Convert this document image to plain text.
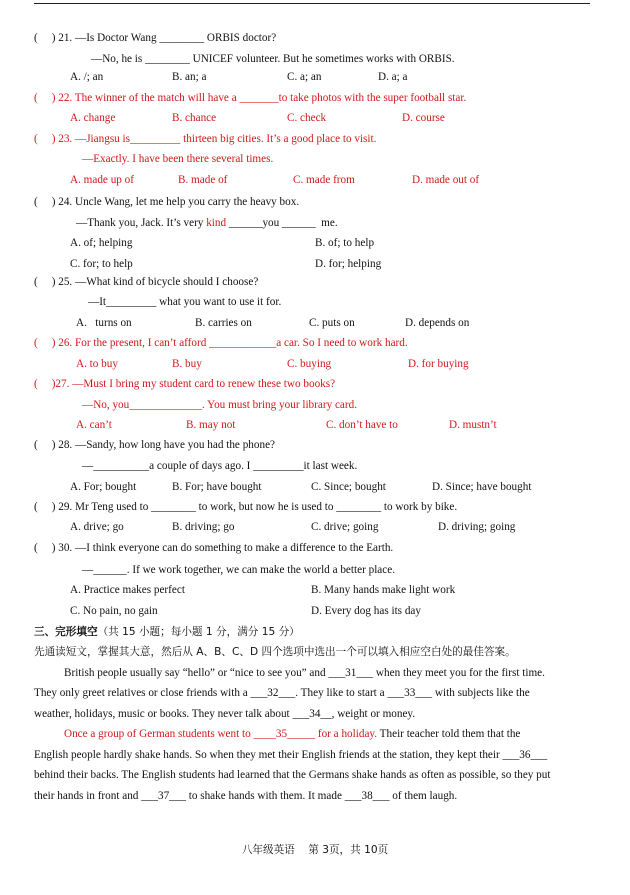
(     ) 21. —Is Doctor Wang ________ ORBIS doctor?
—No, he is ________ UNICEF volunteer. But he sometimes works with ORBIS.
A. /; an	B. an; a	C. a; an	D. a; a
(     ) 22. The winner of the match will have a _______to take photos with the super football star.
A. change	B. chance	C. check	D. course
(     ) 23. —Jiangsu is_________ thirteen big cities. It’s a good place to visit.
—Exactly. I have been there several times.
A. made up of	B. made of	C. made from	D. made out of
(     ) 24. Uncle Wang, let me help you carry the heavy box.
—Thank you, Jack. It’s very kind ______you ______  me.
A. of; helping	B. of; to help
C. for; to help	D. for; helping
(     ) 25. —What kind of bicycle should I choose?
—It_________ what you want to use it for.
A.   turns on	B. carries on	C. puts on	D. depends on
(     ) 26. For the present, I can’t afford ____________a car. So I need to work hard.
A. to buy	B. buy	C. buying	D. for buying
(     )27. —Must I bring my student card to renew these two books?
—No, you_____________. You must bring your library card.
A. can’t	B. may not	C. don’t have to	D. mustn’t
(     ) 28. —Sandy, how long have you had the phone?
—__________a couple of days ago. I _________it last week.
A. For; bought	B. For; have bought	C. Since; bought	D. Since; have bought
(     ) 29. Mr Teng used to ________ to work, but now he is used to ________ to work by bike.
A. drive; go	B. driving; go	C. drive; going	D. driving; going
(     ) 30. —I think everyone can do something to make a difference to the Earth.
—______. If we work together, we can make the world a better place.
A. Practice makes perfect	B. Many hands make light work
C. No pain, no gain	D. Every dog has its day
三、完形填空（共 15 小题；每小题 1 分，满分 15 分）
先通读短文，掌握其大意，然后从 A、B、C、D 四个选项中选出一个可以填入相应空白处的最佳答案。
British people usually say “hello” or “nice to see you” and ___31___ when they meet you for the first time.
They only greet relatives or close friends with a ___32___. They like to start a ___33___ with subjects like the
weather, holidays, music or books. They never talk about ___34__, weight or money.
Once a group of German students went to ____35_____ for a holiday. Their teacher told them that the
English people hardly shake hands. So when they met their English friends at the station, they kept their ___36___
behind their backs. The English students had learned that the Germans shake hands as often as possible, so they put
their hands in front and ___37___ to shake hands with them. It made ___38___ of them laugh.
八年级英语    第 3页，共 10页
